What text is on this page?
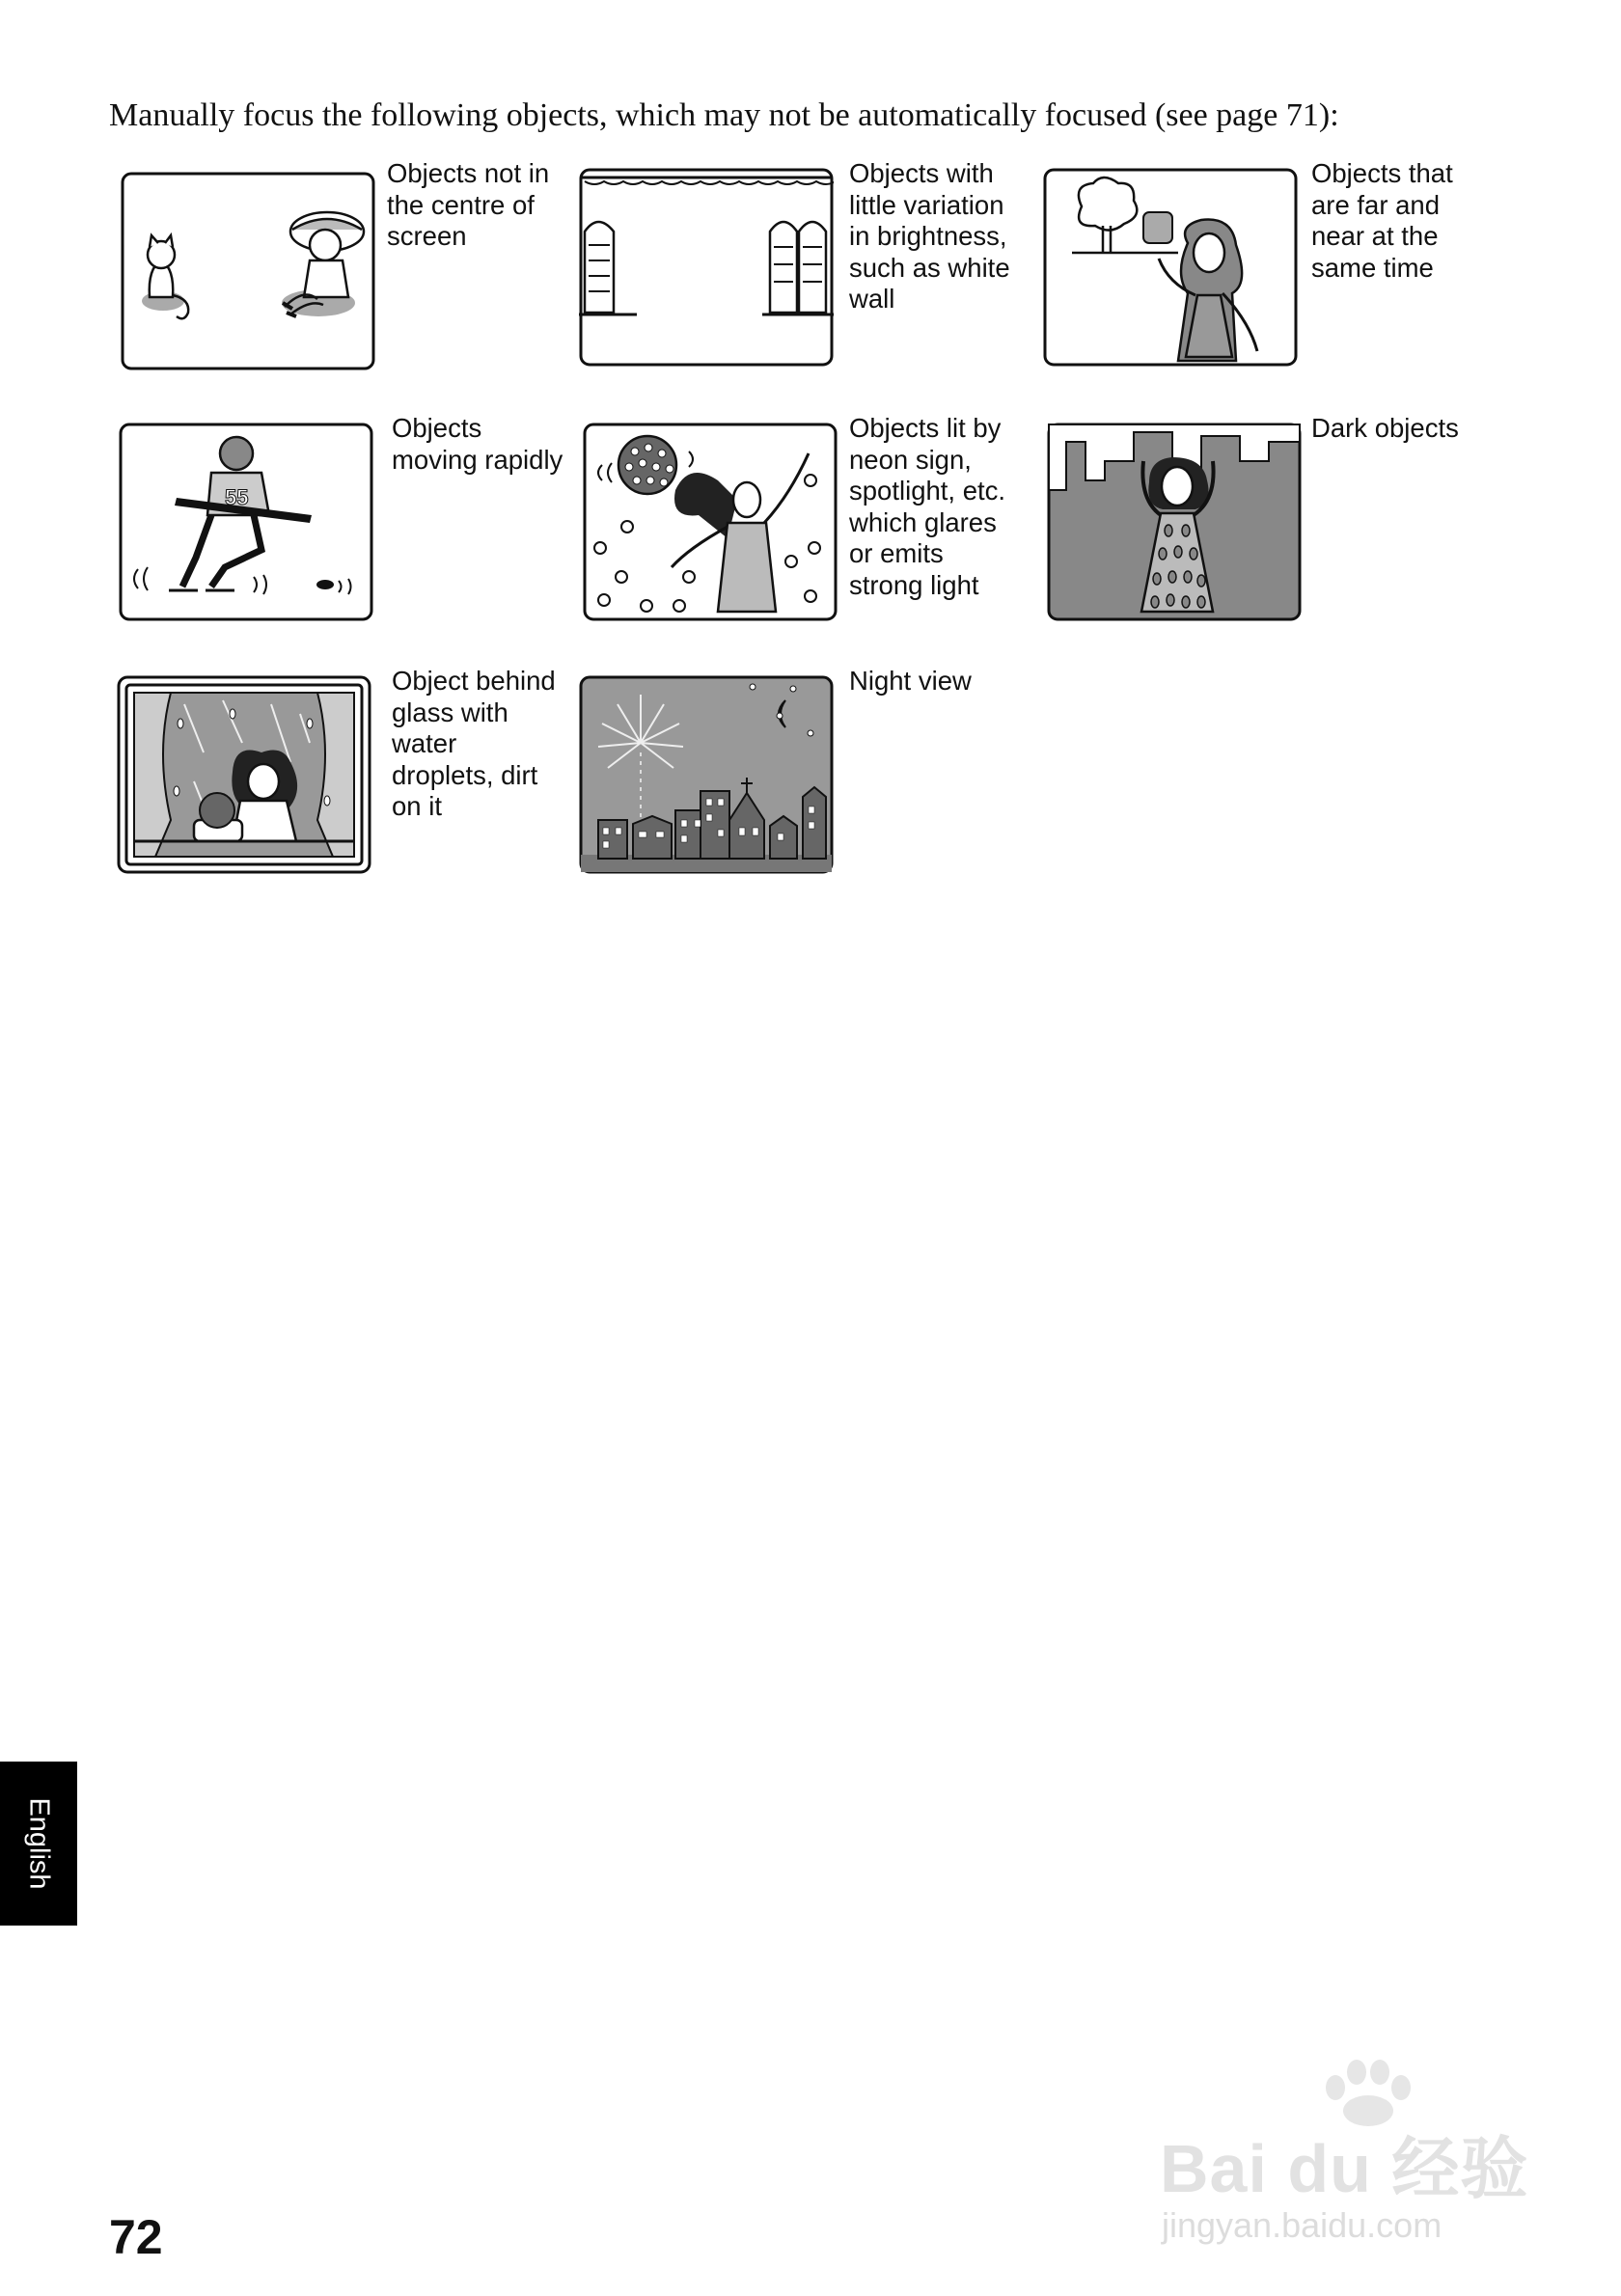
Manually focus the following objects, which may not be automatically focused (see page 71):

Objects not in
the centre of
screen

Objects with
little variation
in brightness,
such as white
wall

Objects that
are far and
near at the
same time

55

Objects
moving rapidly

Objects lit by
neon sign,
spotlight, etc.
which glares
or emits
strong light

Dark objects

Object behind
glass with
water
droplets, dirt
on it

Night view

English

72

Bai du 经验
jingyan.baidu.com
